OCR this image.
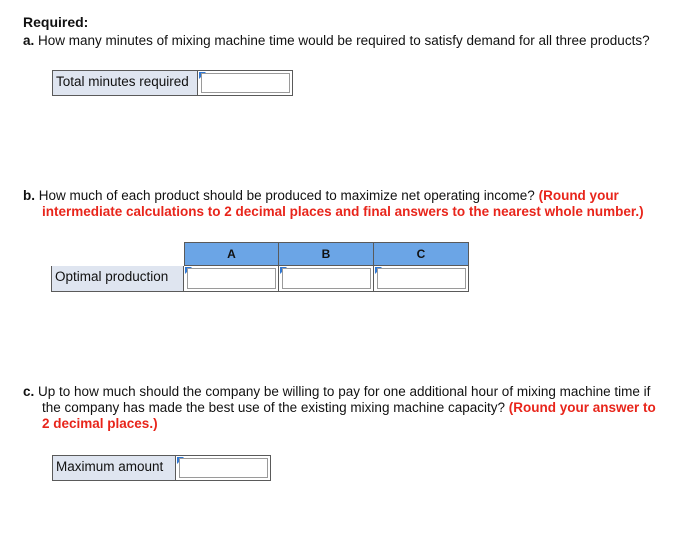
Required:
a. How many minutes of mixing machine time would be required to satisfy demand for all three products?
Total minutes required
b. How much of each product should be produced to maximize net operating income? (Round your
intermediate calculations to 2 decimal places and final answers to the nearest whole number.)
A	B	C
Optimal production
c. Up to how much should the company be willing to pay for one additional hour of mixing machine time if
the company has made the best use of the existing mixing machine capacity? (Round your answer to
2 decimal places.)
Maximum amount
